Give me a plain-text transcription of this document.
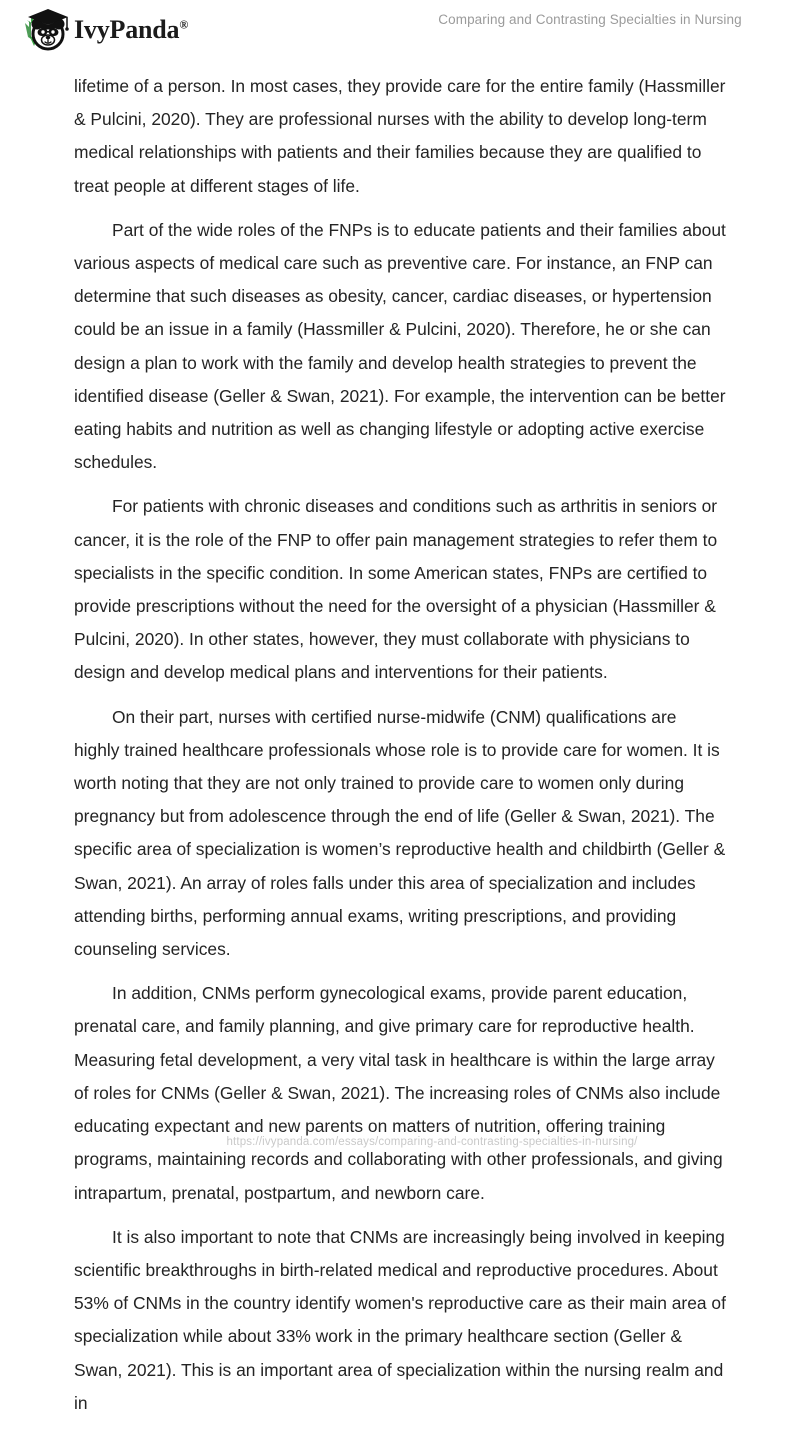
IvyPanda®	Comparing and Contrasting Specialties in Nursing

lifetime of a person. In most cases, they provide care for the entire family (Hassmiller & Pulcini, 2020). They are professional nurses with the ability to develop long-term medical relationships with patients and their families because they are qualified to treat people at different stages of life.

Part of the wide roles of the FNPs is to educate patients and their families about various aspects of medical care such as preventive care. For instance, an FNP can determine that such diseases as obesity, cancer, cardiac diseases, or hypertension could be an issue in a family (Hassmiller & Pulcini, 2020). Therefore, he or she can design a plan to work with the family and develop health strategies to prevent the identified disease (Geller & Swan, 2021). For example, the intervention can be better eating habits and nutrition as well as changing lifestyle or adopting active exercise schedules.

For patients with chronic diseases and conditions such as arthritis in seniors or cancer, it is the role of the FNP to offer pain management strategies to refer them to specialists in the specific condition. In some American states, FNPs are certified to provide prescriptions without the need for the oversight of a physician (Hassmiller & Pulcini, 2020). In other states, however, they must collaborate with physicians to design and develop medical plans and interventions for their patients.

On their part, nurses with certified nurse-midwife (CNM) qualifications are highly trained healthcare professionals whose role is to provide care for women. It is worth noting that they are not only trained to provide care to women only during pregnancy but from adolescence through the end of life (Geller & Swan, 2021). The specific area of specialization is women’s reproductive health and childbirth (Geller & Swan, 2021). An array of roles falls under this area of specialization and includes attending births, performing annual exams, writing prescriptions, and providing counseling services.

In addition, CNMs perform gynecological exams, provide parent education, prenatal care, and family planning, and give primary care for reproductive health. Measuring fetal development, a very vital task in healthcare is within the large array of roles for CNMs (Geller & Swan, 2021). The increasing roles of CNMs also include educating expectant and new parents on matters of nutrition, offering training programs, maintaining records and collaborating with other professionals, and giving intrapartum, prenatal, postpartum, and newborn care.

It is also important to note that CNMs are increasingly being involved in keeping scientific breakthroughs in birth-related medical and reproductive procedures. About 53% of CNMs in the country identify women's reproductive care as their main area of specialization while about 33% work in the primary healthcare section (Geller & Swan, 2021). This is an important area of specialization within the nursing realm and in

https://ivypanda.com/essays/comparing-and-contrasting-specialties-in-nursing/
